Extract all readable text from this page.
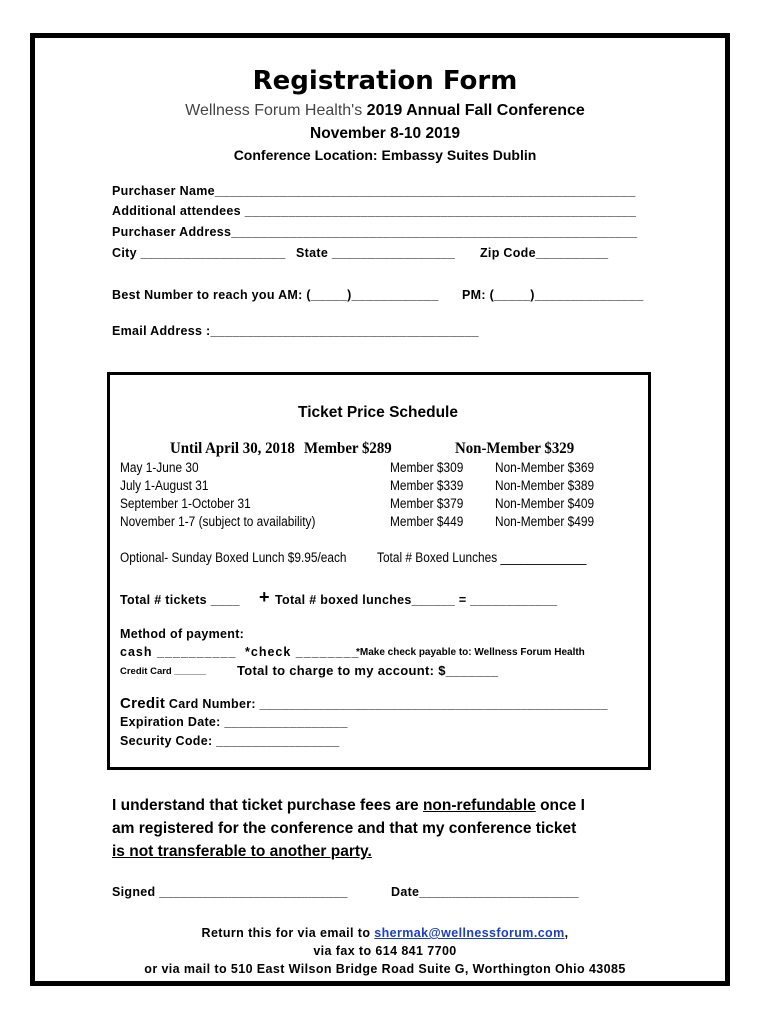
Registration Form
Wellness Forum Health's 2019 Annual Fall Conference
November 8-10 2019
Conference Location: Embassy Suites Dublin
Purchaser Name__________________________________________________________
Additional attendees ______________________________________________________
Purchaser Address________________________________________________________
City ____________________ State _________________ Zip Code__________
Best Number to reach you AM: (_____)____________ PM: (_____)_______________
Email Address :_____________________________________
Ticket Price Schedule
Until April 30, 2018 Member $289	Non-Member $329
May 1-June 30	Member $309 Non-Member $369
July 1-August 31	Member $339 Non-Member $389
September 1-October 31	Member $379 Non-Member $409
November 1-7 (subject to availability)	Member $449 Non-Member $499
Optional- Sunday Boxed Lunch $9.95/each Total # Boxed Lunches _____________
Total # tickets ____ + Total # boxed lunches______ = ____________
Method of payment:
cash __________ *check ________
*Make check payable to: Wellness Forum Health
Credit Card ______ Total to charge to my account: $_______
Credit Card Number: ________________________________________________
Expiration Date: _________________
Security Code: _________________
I understand that ticket purchase fees are non-refundable once I
am registered for the conference and that my conference ticket
is not transferable to another party.
Signed __________________________	Date______________________
Return this for via email to shermak@wellnessforum.com,
via fax to 614 841 7700
or via mail to 510 East Wilson Bridge Road Suite G, Worthington Ohio 43085
